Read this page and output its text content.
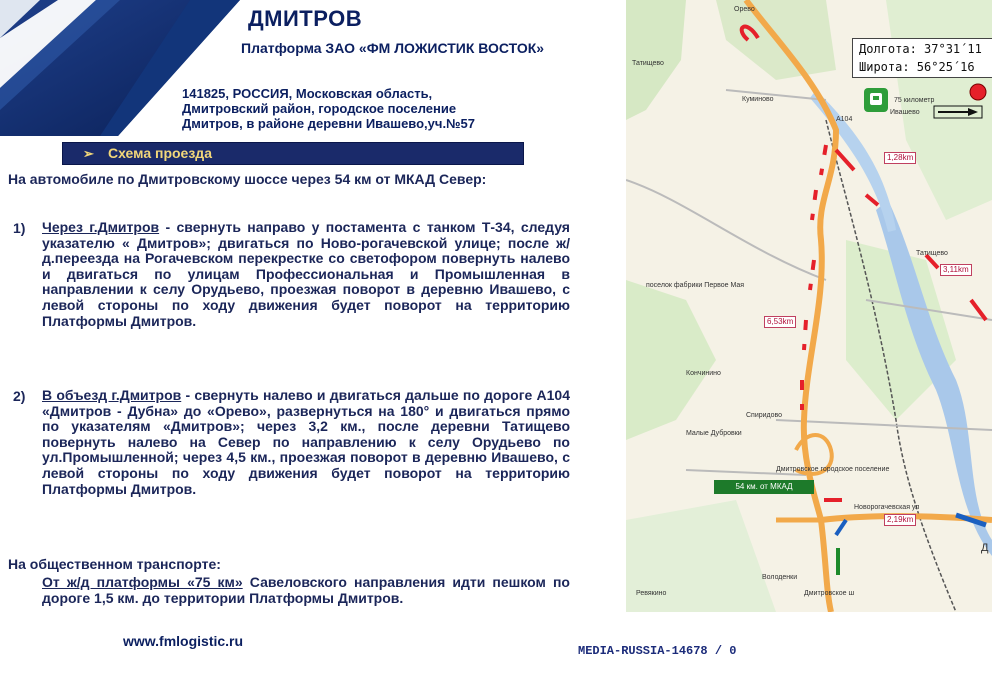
ДМИТРОВ
Платформа ЗАО «ФМ ЛОЖИСТИК ВОСТОК»
141825, РОССИЯ, Московская область,
Дмитровский район, городское поселение
Дмитров, в районе деревни Ивашево,уч.№57
➢ Схема проезда
На автомобиле по Дмитровскому шоссе через 54 км от МКАД Север:
1) Через г.Дмитров - свернуть направо у постамента с танком Т-34, следуя указателю « Дмитров»; двигаться по Ново-рогачевской улице; после ж/д.переезда на Рогачевском перекрестке со светофором повернуть налево и двигаться по улицам Профессиональная и Промышленная в направлении к селу Орудьево, проезжая поворот в деревню Ивашево, с левой стороны по ходу движения будет поворот на территорию Платформы Дмитров.
2) В объезд г.Дмитров - свернуть налево и двигаться дальше по дороге А104 «Дмитров - Дубна» до «Орево», развернуться на 180° и двигаться прямо по указателям «Дмитров»; через 3,2 км., после деревни Татищево повернуть налево на Север по направлению к селу Орудьево по ул.Промышленной; через 4,5 км., проезжая поворот в деревню Ивашево, с левой стороны по ходу движения будет поворот на территорию Платформы Дмитров.
На общественном транспорте:
От ж/д платформы «75 км» Савеловского направления идти пешком по дороге 1,5 км. до территории Платформы Дмитров.
www.fmlogistic.ru
MEDIA-RUSSIA-14678 / 0
Орево
Татищево
Куминово	75 километр
Ивашево
А104
Татищево
поселок фабрики Первое Мая
Кончинино
Спиридово
Малые Дубровки
Дмитровское городское поселение
Новорогачевская ул
Володенки
Ревякино
Д
Дмитровское ш
1,28km
3,11km
6,53km
2,19km
54 км. от МКАД
Долгота: 37°31´11
Широта: 56°25´16
